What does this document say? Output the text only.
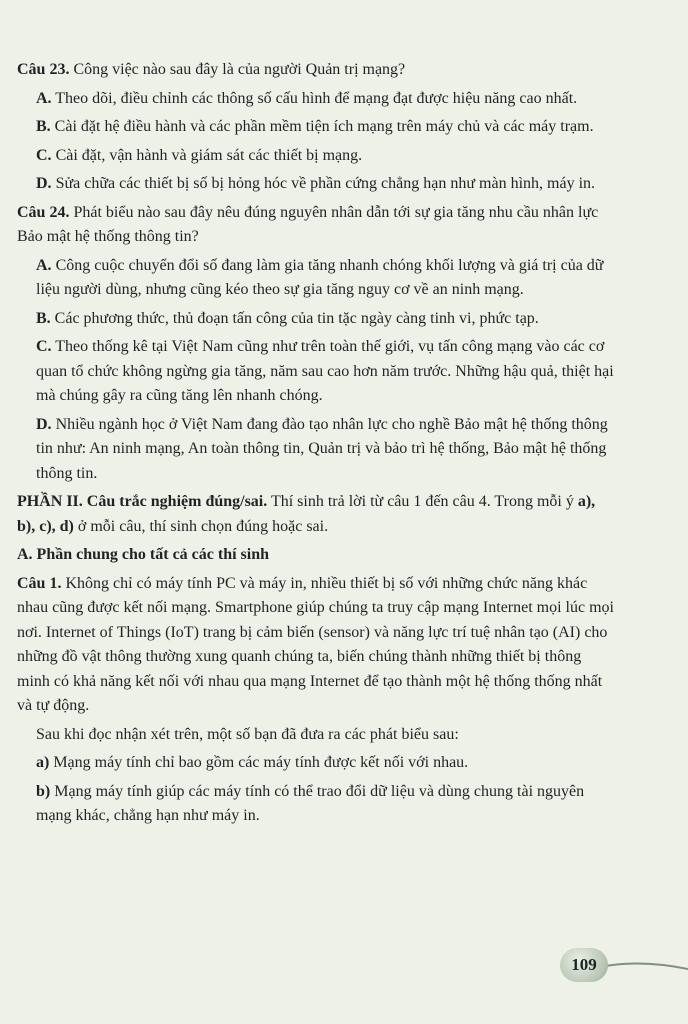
Câu 23. Công việc nào sau đây là của người Quản trị mạng?

A. Theo dõi, điều chỉnh các thông số cấu hình để mạng đạt được hiệu năng cao nhất.

B. Cài đặt hệ điều hành và các phần mềm tiện ích mạng trên máy chủ và các máy trạm.

C. Cài đặt, vận hành và giám sát các thiết bị mạng.

D. Sửa chữa các thiết bị số bị hỏng hóc về phần cứng chẳng hạn như màn hình, máy in.

Câu 24. Phát biểu nào sau đây nêu đúng nguyên nhân dẫn tới sự gia tăng nhu cầu nhân lực Bảo mật hệ thống thông tin?

A. Công cuộc chuyển đổi số đang làm gia tăng nhanh chóng khối lượng và giá trị của dữ liệu người dùng, nhưng cũng kéo theo sự gia tăng nguy cơ về an ninh mạng.

B. Các phương thức, thủ đoạn tấn công của tin tặc ngày càng tinh vi, phức tạp.

C. Theo thống kê tại Việt Nam cũng như trên toàn thế giới, vụ tấn công mạng vào các cơ quan tổ chức không ngừng gia tăng, năm sau cao hơn năm trước. Những hậu quả, thiệt hại mà chúng gây ra cũng tăng lên nhanh chóng.

D. Nhiều ngành học ở Việt Nam đang đào tạo nhân lực cho nghề Bảo mật hệ thống thông tin như: An ninh mạng, An toàn thông tin, Quản trị và bảo trì hệ thống, Bảo mật hệ thống thông tin.

PHẦN II. Câu trắc nghiệm đúng/sai. Thí sinh trả lời từ câu 1 đến câu 4. Trong mỗi ý a), b), c), d) ở mỗi câu, thí sinh chọn đúng hoặc sai.

A. Phần chung cho tất cả các thí sinh

Câu 1. Không chỉ có máy tính PC và máy in, nhiều thiết bị số với những chức năng khác nhau cũng được kết nối mạng. Smartphone giúp chúng ta truy cập mạng Internet mọi lúc mọi nơi. Internet of Things (IoT) trang bị cảm biến (sensor) và năng lực trí tuệ nhân tạo (AI) cho những đồ vật thông thường xung quanh chúng ta, biến chúng thành những thiết bị thông minh có khả năng kết nối với nhau qua mạng Internet để tạo thành một hệ thống thống nhất và tự động.

Sau khi đọc nhận xét trên, một số bạn đã đưa ra các phát biểu sau:

a) Mạng máy tính chỉ bao gồm các máy tính được kết nối với nhau.

b) Mạng máy tính giúp các máy tính có thể trao đổi dữ liệu và dùng chung tài nguyên mạng khác, chẳng hạn như máy in.

109
